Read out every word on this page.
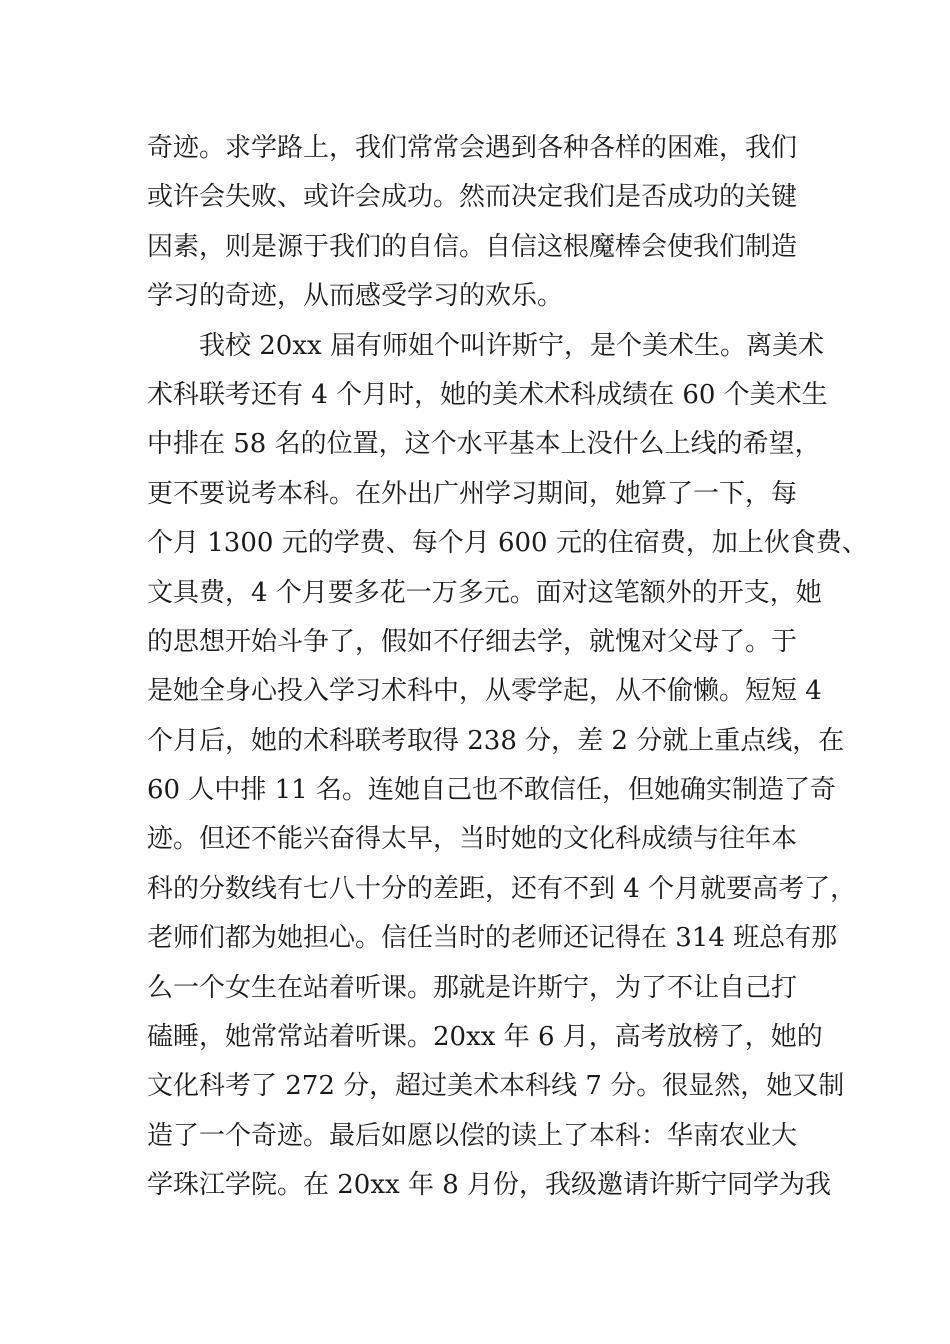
奇迹。求学路上，我们常常会遇到各种各样的困难，我们
或许会失败、或许会成功。然而决定我们是否成功的关键
因素，则是源于我们的自信。自信这根魔棒会使我们制造
学习的奇迹，从而感受学习的欢乐。
我校 20xx 届有师姐个叫许斯宁，是个美术生。离美术
术科联考还有 4 个月时，她的美术术科成绩在 60 个美术生
中排在 58 名的位置，这个水平基本上没什么上线的希望，
更不要说考本科。在外出广州学习期间，她算了一下，每
个月 1300 元的学费、每个月 600 元的住宿费，加上伙食费、
文具费，4 个月要多花一万多元。面对这笔额外的开支，她
的思想开始斗争了，假如不仔细去学，就愧对父母了。于
是她全身心投入学习术科中，从零学起，从不偷懒。短短 4
个月后，她的术科联考取得 238 分，差 2 分就上重点线，在
60 人中排 11 名。连她自己也不敢信任，但她确实制造了奇
迹。但还不能兴奋得太早，当时她的文化科成绩与往年本
科的分数线有七八十分的差距，还有不到 4 个月就要高考了，
老师们都为她担心。信任当时的老师还记得在 314 班总有那
么一个女生在站着听课。那就是许斯宁，为了不让自己打
磕睡，她常常站着听课。20xx 年 6 月，高考放榜了，她的
文化科考了 272 分，超过美术本科线 7 分。很显然，她又制
造了一个奇迹。最后如愿以偿的读上了本科：华南农业大
学珠江学院。在 20xx 年 8 月份，我级邀请许斯宁同学为我
